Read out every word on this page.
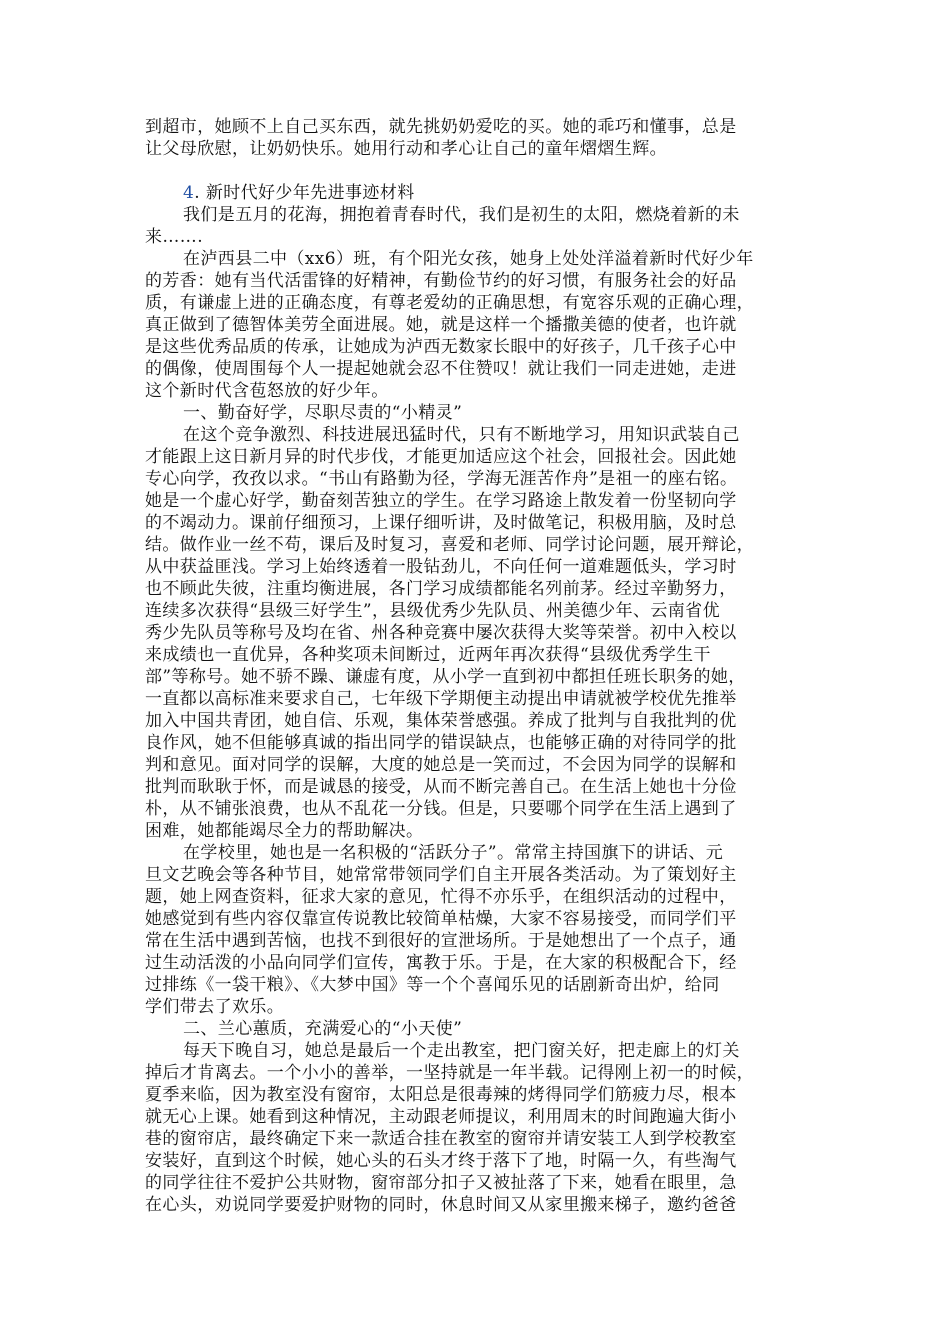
到超市，她顾不上自己买东西，就先挑奶奶爱吃的买。她的乖巧和懂事，总是
让父母欣慰，让奶奶快乐。她用行动和孝心让自己的童年熠熠生辉。
4. 新时代好少年先进事迹材料
我们是五月的花海，拥抱着青春时代，我们是初生的太阳，燃烧着新的未
来…….
在泸西县二中（xx6）班，有个阳光女孩，她身上处处洋溢着新时代好少年
的芳香：她有当代活雷锋的好精神，有勤俭节约的好习惯，有服务社会的好品
质，有谦虚上进的正确态度，有尊老爱幼的正确思想，有宽容乐观的正确心理，
真正做到了德智体美劳全面进展。她，就是这样一个播撒美德的使者，也许就
是这些优秀品质的传承，让她成为泸西无数家长眼中的好孩子，几千孩子心中
的偶像，使周围每个人一提起她就会忍不住赞叹！就让我们一同走进她，走进
这个新时代含苞怒放的好少年。
一、勤奋好学，尽职尽责的“小精灵”
在这个竞争激烈、科技进展迅猛时代，只有不断地学习，用知识武装自己
才能跟上这日新月异的时代步伐，才能更加适应这个社会，回报社会。因此她
专心向学，孜孜以求。“书山有路勤为径，学海无涯苦作舟”是祖一的座右铭。
她是一个虚心好学，勤奋刻苦独立的学生。在学习路途上散发着一份坚韧向学
的不竭动力。课前仔细预习，上课仔细听讲，及时做笔记，积极用脑，及时总
结。做作业一丝不苟，课后及时复习，喜爱和老师、同学讨论问题，展开辩论，
从中获益匪浅。学习上始终透着一股钻劲儿，不向任何一道难题低头，学习时
也不顾此失彼，注重均衡进展，各门学习成绩都能名列前茅。经过辛勤努力，
连续多次获得“县级三好学生”，县级优秀少先队员、州美德少年、云南省优
秀少先队员等称号及均在省、州各种竞赛中屡次获得大奖等荣誉。初中入校以
来成绩也一直优异，各种奖项未间断过，近两年再次获得“县级优秀学生干
部”等称号。她不骄不躁、谦虚有度，从小学一直到初中都担任班长职务的她，
一直都以高标准来要求自己，七年级下学期便主动提出申请就被学校优先推举
加入中国共青团，她自信、乐观，集体荣誉感强。养成了批判与自我批判的优
良作风，她不但能够真诚的指出同学的错误缺点，也能够正确的对待同学的批
判和意见。面对同学的误解，大度的她总是一笑而过，不会因为同学的误解和
批判而耿耿于怀，而是诚恳的接受，从而不断完善自己。在生活上她也十分俭
朴，从不铺张浪费，也从不乱花一分钱。但是，只要哪个同学在生活上遇到了
困难，她都能竭尽全力的帮助解决。
在学校里，她也是一名积极的“活跃分子”。常常主持国旗下的讲话、元
旦文艺晚会等各种节目，她常常带领同学们自主开展各类活动。为了策划好主
题，她上网查资料，征求大家的意见，忙得不亦乐乎，在组织活动的过程中，
她感觉到有些内容仅靠宣传说教比较简单枯燥，大家不容易接受，而同学们平
常在生活中遇到苦恼，也找不到很好的宣泄场所。于是她想出了一个点子，通
过生动活泼的小品向同学们宣传，寓教于乐。于是，在大家的积极配合下，经
过排练《一袋干粮》、《大梦中国》等一个个喜闻乐见的话剧新奇出炉，给同
学们带去了欢乐。
二、兰心蕙质，充满爱心的“小天使”
每天下晚自习，她总是最后一个走出教室，把门窗关好，把走廊上的灯关
掉后才肯离去。一个小小的善举，一坚持就是一年半载。记得刚上初一的时候，
夏季来临，因为教室没有窗帘，太阳总是很毒辣的烤得同学们筋疲力尽，根本
就无心上课。她看到这种情况，主动跟老师提议，利用周末的时间跑遍大街小
巷的窗帘店，最终确定下来一款适合挂在教室的窗帘并请安装工人到学校教室
安装好，直到这个时候，她心头的石头才终于落下了地，时隔一久，有些淘气
的同学往往不爱护公共财物，窗帘部分扣子又被扯落了下来，她看在眼里，急
在心头，劝说同学要爱护财物的同时，休息时间又从家里搬来梯子，邀约爸爸
